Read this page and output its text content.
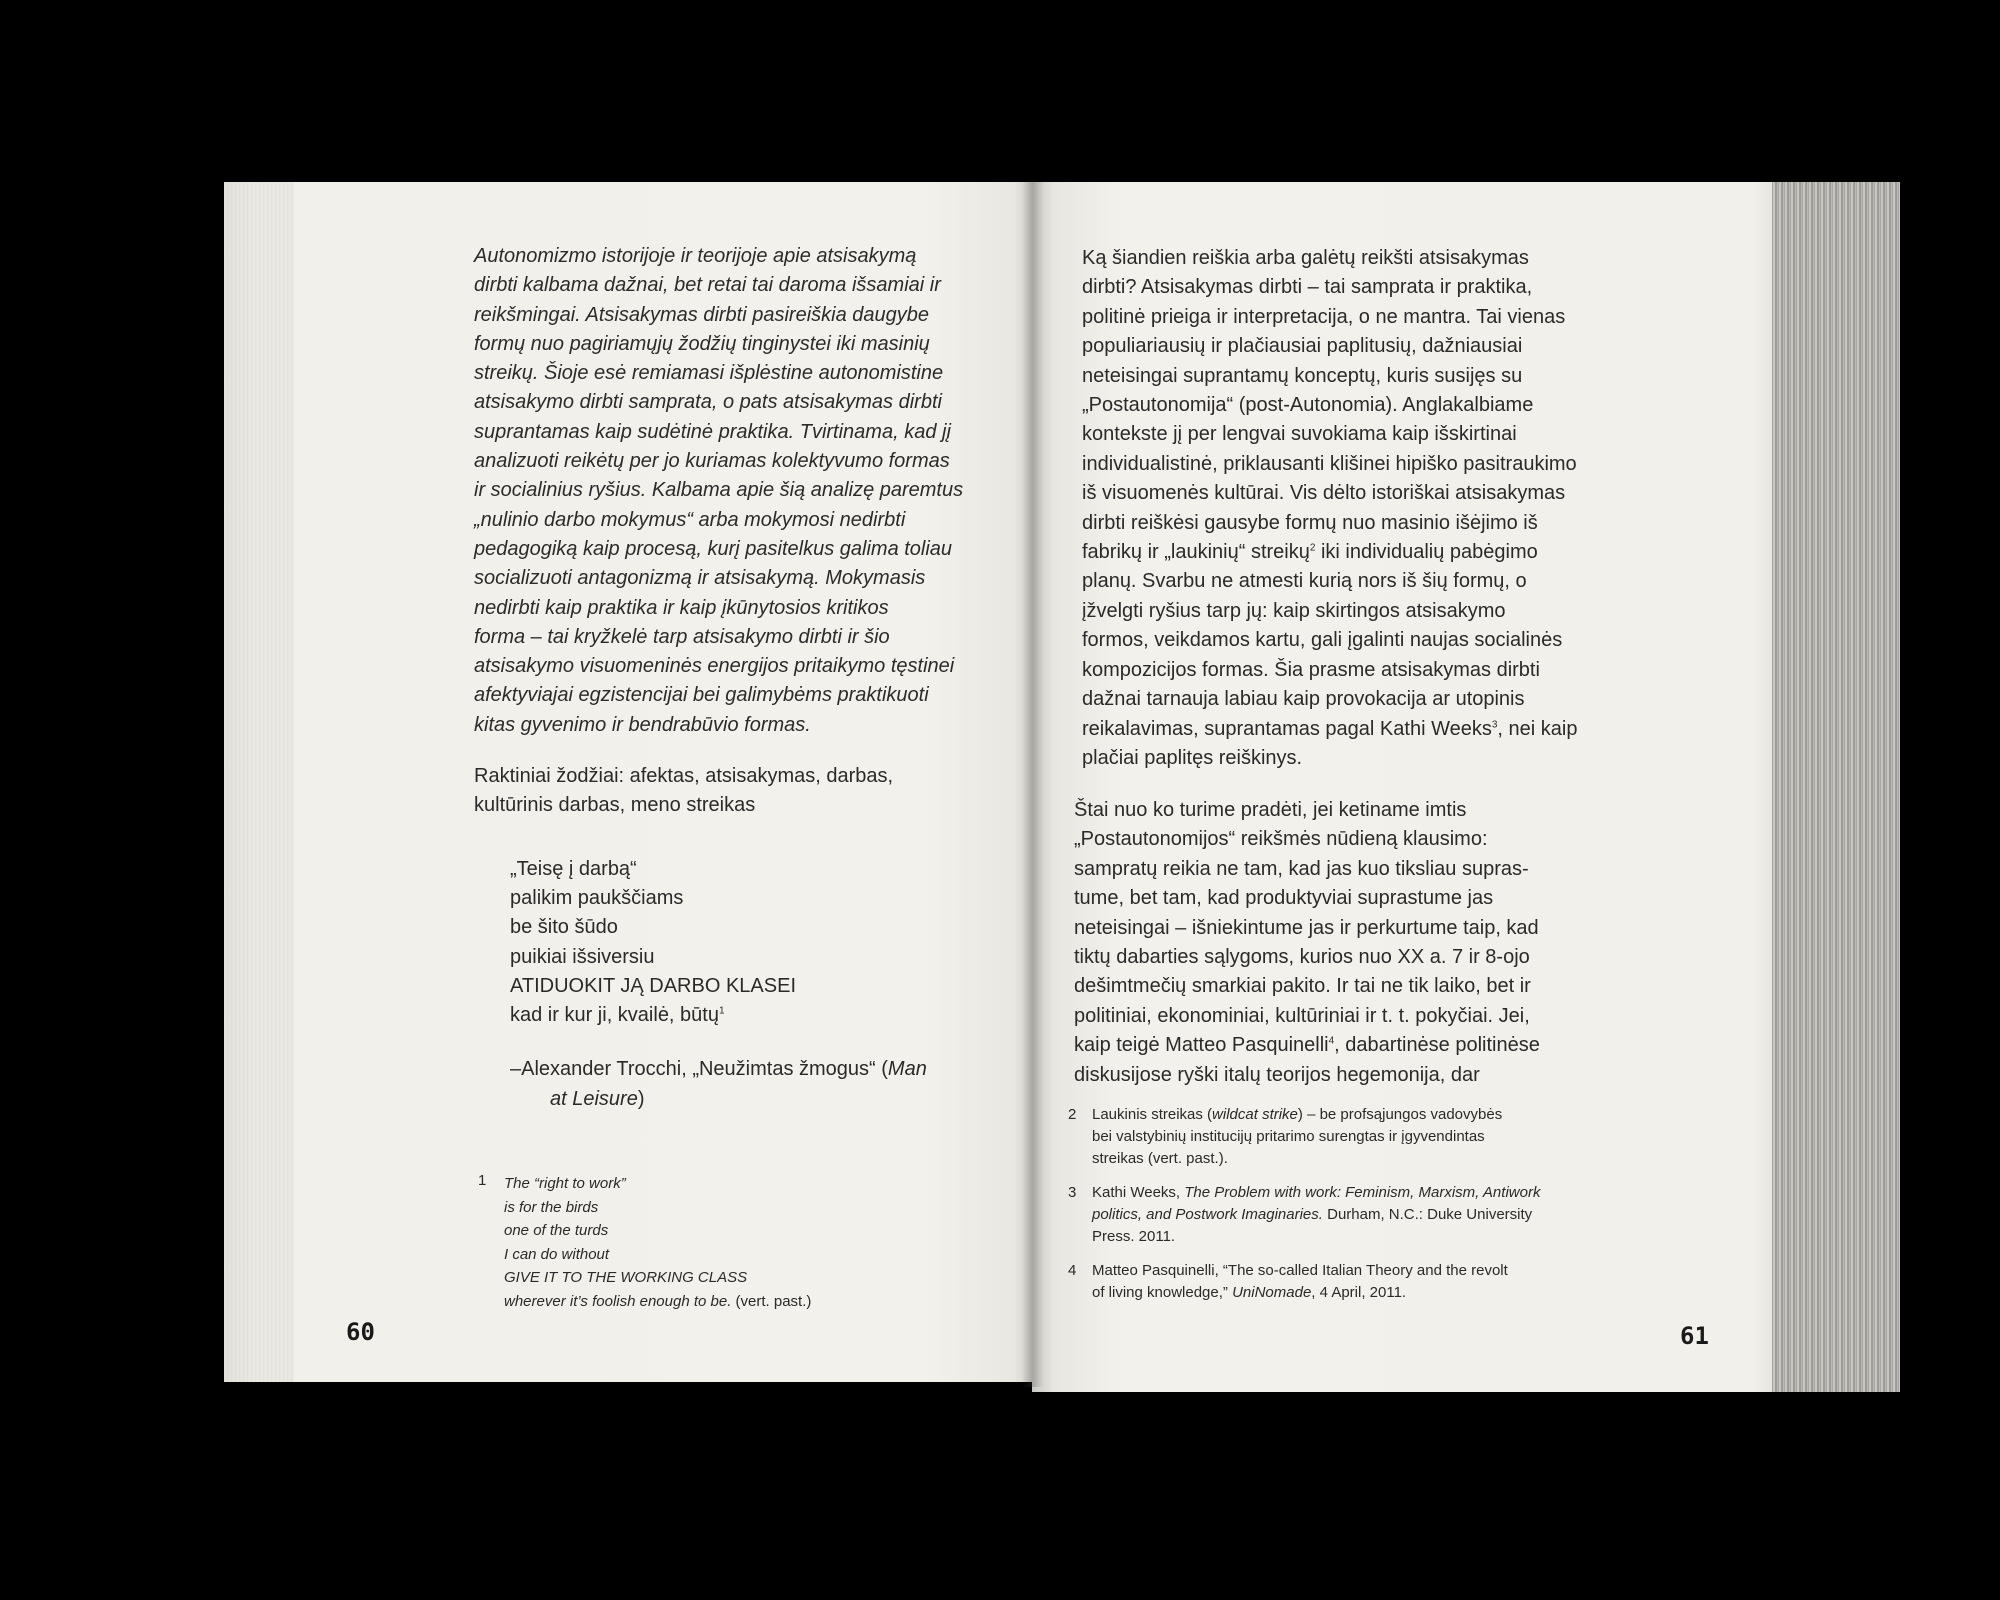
Autonomizmo istorijoje ir teorijoje apie atsisakymą
dirbti kalbama dažnai, bet retai tai daroma išsamiai ir
reikšmingai. Atsisakymas dirbti pasireiškia daugybe
formų nuo pagiriamųjų žodžių tinginystei iki masinių
streikų. Šioje esė remiamasi išplėstine autonomistine
atsisakymo dirbti samprata, o pats atsisakymas dirbti
suprantamas kaip sudėtinė praktika. Tvirtinama, kad jį
analizuoti reikėtų per jo kuriamas kolektyvumo formas
ir socialinius ryšius. Kalbama apie šią analizę paremtus
„nulinio darbo mokymus“ arba mokymosi nedirbti
pedagogiką kaip procesą, kurį pasitelkus galima toliau
socializuoti antagonizmą ir atsisakymą. Mokymasis
nedirbti kaip praktika ir kaip įkūnytosios kritikos
forma – tai kryžkelė tarp atsisakymo dirbti ir šio
atsisakymo visuomeninės energijos pritaikymo tęstinei
afektyviajai egzistencijai bei galimybėms praktikuoti
kitas gyvenimo ir bendrabūvio formas.
Raktiniai žodžiai: afektas, atsisakymas, darbas,
kultūrinis darbas, meno streikas
„Teisę į darbą“
palikim paukščiams
be šito šūdo
puikiai išsiversiu
ATIDUOKIT JĄ DARBO KLASEI
kad ir kur ji, kvailė, būtų$^1$
–Alexander Trocchi, „Neužimtas žmogus“ (Man
at Leisure)
1 The “right to work”
is for the birds
one of the turds
I can do without
GIVE IT TO THE WORKING CLASS
wherever it’s foolish enough to be. (vert. past.)
60
Ką šiandien reiškia arba galėtų reikšti atsisakymas
dirbti? Atsisakymas dirbti – tai samprata ir praktika,
politinė prieiga ir interpretacija, o ne mantra. Tai vienas
populiariausių ir plačiausiai paplitusių, dažniausiai
neteisingai suprantamų konceptų, kuris susijęs su
„Postautonomija“ (post-Autonomia). Anglakalbiame
kontekste jį per lengvai suvokiama kaip išskirtinai
individualistinė, priklausanti klišinei hipiško pasitraukimo
iš visuomenės kultūrai. Vis dėlto istoriškai atsisakymas
dirbti reiškėsi gausybe formų nuo masinio išėjimo iš
fabrikų ir „laukinių“ streikų$^2$ iki individualių pabėgimo
planų. Svarbu ne atmesti kurią nors iš šių formų, o
įžvelgti ryšius tarp jų: kaip skirtingos atsisakymo
formos, veikdamos kartu, gali įgalinti naujas socialinės
kompozicijos formas. Šia prasme atsisakymas dirbti
dažnai tarnauja labiau kaip provokacija ar utopinis
reikalavimas, suprantamas pagal Kathi Weeks$^3$, nei kaip
plačiai paplitęs reiškinys.
Štai nuo ko turime pradėti, jei ketiname imtis
„Postautonomijos“ reikšmės nūdieną klausimo:
sampratų reikia ne tam, kad jas kuo tiksliau supras-
tume, bet tam, kad produktyviai suprastume jas
neteisingai – išniekintume jas ir perkurtume taip, kad
tiktų dabarties sąlygoms, kurios nuo XX a. 7 ir 8-ojo
dešimtmečių smarkiai pakito. Ir tai ne tik laiko, bet ir
politiniai, ekonominiai, kultūriniai ir t. t. pokyčiai. Jei,
kaip teigė Matteo Pasquinelli$^4$, dabartinėse politinėse
diskusijose ryški italų teorijos hegemonija, dar
2 Laukinis streikas (wildcat strike) – be profsąjungos vadovybės
bei valstybinių institucijų pritarimo surengtas ir įgyvendintas
streikas (vert. past.).
3 Kathi Weeks, The Problem with work: Feminism, Marxism, Antiwork
politics, and Postwork Imaginaries. Durham, N.C.: Duke University
Press. 2011.
4 Matteo Pasquinelli, “The so-called Italian Theory and the revolt
of living knowledge,” UniNomade, 4 April, 2011.
61
